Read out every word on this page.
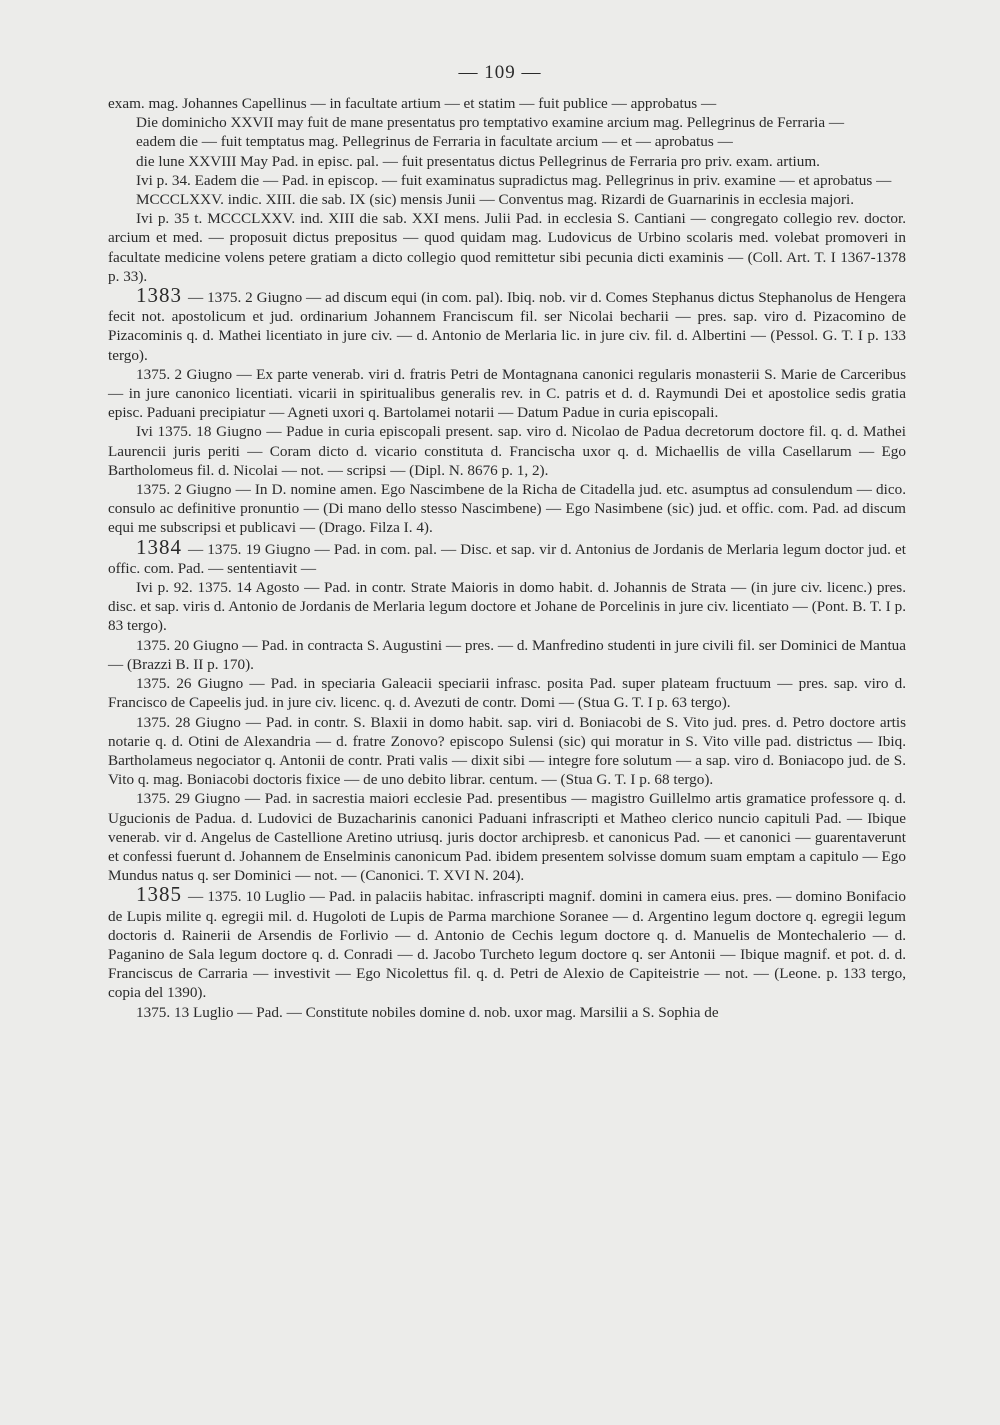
— 109 —

exam. mag. Johannes Capellinus — in facultate artium — et statim — fuit publice — approbatus —

Die dominicho XXVII may fuit de mane presentatus pro temptativo examine arcium mag. Pellegrinus de Ferraria —

eadem die — fuit temptatus mag. Pellegrinus de Ferraria in facultate arcium — et — aprobatus —

die lune XXVIII May Pad. in episc. pal. — fuit presentatus dictus Pellegrinus de Ferraria pro priv. exam. artium.

Ivi p. 34. Eadem die — Pad. in episcop. — fuit examinatus supradictus mag. Pellegrinus in priv. examine — et aprobatus —

MCCCLXXV. indic. XIII. die sab. IX (sic) mensis Junii — Conventus mag. Rizardi de Guarnarinis in ecclesia majori.

Ivi p. 35 t. MCCCLXXV. ind. XIII die sab. XXI mens. Julii Pad. in ecclesia S. Cantiani — congregato collegio rev. doctor. arcium et med. — proposuit dictus prepositus — quod quidam mag. Ludovicus de Urbino scolaris med. volebat promoveri in facultate medicine volens petere gratiam a dicto collegio quod remittetur sibi pecunia dicti examinis — (Coll. Art. T. I 1367-1378 p. 33).

1383 — 1375. 2 Giugno — ad discum equi (in com. pal). Ibiq. nob. vir d. Comes Stephanus dictus Stephanolus de Hengera fecit not. apostolicum et jud. ordinarium Johannem Franciscum fil. ser Nicolai becharii — pres. sap. viro d. Pizacomino de Pizacominis q. d. Mathei licentiato in jure civ. — d. Antonio de Merlaria lic. in jure civ. fil. d. Albertini — (Pessol. G. T. I p. 133 tergo).

1375. 2 Giugno — Ex parte venerab. viri d. fratris Petri de Montagnana canonici regularis monasterii S. Marie de Carceribus — in jure canonico licentiati. vicarii in spiritualibus generalis rev. in C. patris et d. d. Raymundi Dei et apostolice sedis gratia episc. Paduani precipiatur — Agneti uxori q. Bartolamei notarii — Datum Padue in curia episcopali.

Ivi 1375. 18 Giugno — Padue in curia episcopali present. sap. viro d. Nicolao de Padua decretorum doctore fil. q. d. Mathei Laurencii juris periti — Coram dicto d. vicario constituta d. Francischa uxor q. d. Michaellis de villa Casellarum — Ego Bartholomeus fil. d. Nicolai — not. — scripsi — (Dipl. N. 8676 p. 1, 2).

1375. 2 Giugno — In D. nomine amen. Ego Nascimbene de la Richa de Citadella jud. etc. asumptus ad consulendum — dico. consulo ac definitive pronuntio — (Di mano dello stesso Nascimbene) — Ego Nasimbene (sic) jud. et offic. com. Pad. ad discum equi me subscripsi et publicavi — (Drago. Filza I. 4).

1384 — 1375. 19 Giugno — Pad. in com. pal. — Disc. et sap. vir d. Antonius de Jordanis de Merlaria legum doctor jud. et offic. com. Pad. — sententiavit —

Ivi p. 92. 1375. 14 Agosto — Pad. in contr. Strate Maioris in domo habit. d. Johannis de Strata — (in jure civ. licenc.) pres. disc. et sap. viris d. Antonio de Jordanis de Merlaria legum doctore et Johane de Porcelinis in jure civ. licentiato — (Pont. B. T. I p. 83 tergo).

1375. 20 Giugno — Pad. in contracta S. Augustini — pres. — d. Manfredino studenti in jure civili fil. ser Dominici de Mantua — (Brazzi B. II p. 170).

1375. 26 Giugno — Pad. in speciaria Galeacii speciarii infrasc. posita Pad. super plateam fructuum — pres. sap. viro d. Francisco de Capeelis jud. in jure civ. licenc. q. d. Avezuti de contr. Domi — (Stua G. T. I p. 63 tergo).

1375. 28 Giugno — Pad. in contr. S. Blaxii in domo habit. sap. viri d. Boniacobi de S. Vito jud. pres. d. Petro doctore artis notarie q. d. Otini de Alexandria — d. fratre Zonovo? episcopo Sulensi (sic) qui moratur in S. Vito ville pad. districtus — Ibiq. Bartholameus negociator q. Antonii de contr. Prati valis — dixit sibi — integre fore solutum — a sap. viro d. Boniacopo jud. de S. Vito q. mag. Boniacobi doctoris fixice — de uno debito librar. centum. — (Stua G. T. I p. 68 tergo).

1375. 29 Giugno — Pad. in sacrestia maiori ecclesie Pad. presentibus — magistro Guillelmo artis gramatice professore q. d. Ugucionis de Padua. d. Ludovici de Buzacharinis canonici Paduani infrascripti et Matheo clerico nuncio capituli Pad. — Ibique venerab. vir d. Angelus de Castellione Aretino utriusq. juris doctor archipresb. et canonicus Pad. — et canonici — guarentaverunt et confessi fuerunt d. Johannem de Enselminis canonicum Pad. ibidem presentem solvisse domum suam emptam a capitulo — Ego Mundus natus q. ser Dominici — not. — (Canonici. T. XVI N. 204).

1385 — 1375. 10 Luglio — Pad. in palaciis habitac. infrascripti magnif. domini in camera eius. pres. — domino Bonifacio de Lupis milite q. egregii mil. d. Hugoloti de Lupis de Parma marchione Soranee — d. Argentino legum doctore q. egregii legum doctoris d. Rainerii de Arsendis de Forlivio — d. Antonio de Cechis legum doctore q. d. Manuelis de Montechalerio — d. Paganino de Sala legum doctore q. d. Conradi — d. Jacobo Turcheto legum doctore q. ser Antonii — Ibique magnif. et pot. d. d. Franciscus de Carraria — investivit — Ego Nicolettus fil. q. d. Petri de Alexio de Capiteistrie — not. — (Leone. p. 133 tergo, copia del 1390).

1375. 13 Luglio — Pad. — Constitute nobiles domine d. nob. uxor mag. Marsilii a S. Sophia de
